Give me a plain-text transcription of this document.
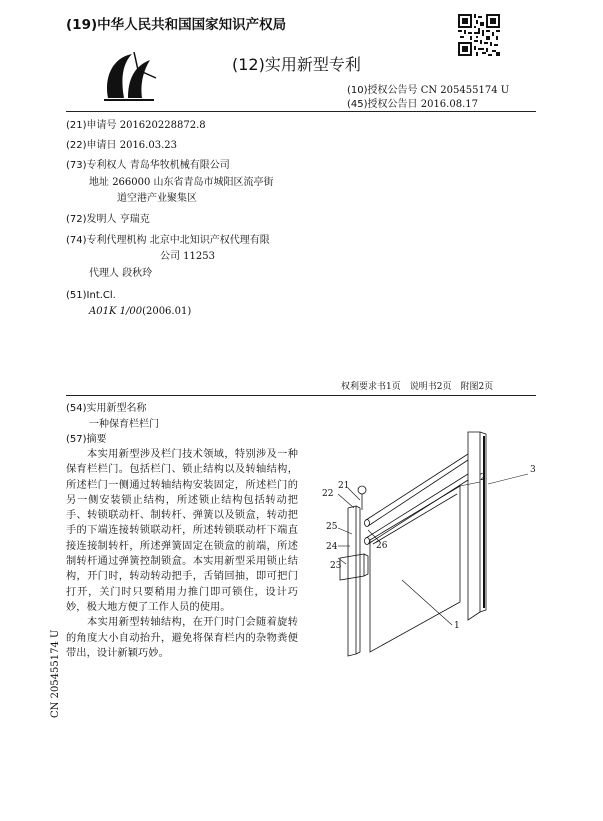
(19)中华人民共和国国家知识产权局
(12)实用新型专利
(10)授权公告号 CN 205455174 U
(45)授权公告日 2016.08.17
(21)申请号 201620228872.8
(22)申请日 2016.03.23
(73)专利权人 青岛华牧机械有限公司
地址 266000 山东省青岛市城阳区流亭街
道空港产业聚集区
(72)发明人 亨瑞克
(74)专利代理机构 北京中北知识产权代理有限
公司 11253
代理人 段秋玲
(51)Int.Cl.
A01K 1/00(2006.01)
权利要求书1页　说明书2页　附图2页
(54)实用新型名称
一种保育栏栏门
(57)摘要

本实用新型涉及栏门技术领域，特别涉及一种保育栏栏门。包括栏门、锁止结构以及转轴结构，所述栏门一侧通过转轴结构安装固定，所述栏门的另一侧安装锁止结构，所述锁止结构包括转动把手、转锁联动杆、制转杆、弹簧以及锁盒，转动把手的下端连接转锁联动杆，所述转锁联动杆下端直接连接制转杆，所述弹簧固定在锁盒的前端，所述制转杆通过弹簧控制锁盒。本实用新型采用锁止结构，开门时，转动转动把手，舌销回抽，即可把门打开，关门时只要稍用力推门即可锁住，设计巧妙，极大地方便了工作人员的使用。

本实用新型转轴结构，在开门时门会随着旋转的角度大小自动抬升，避免将保育栏内的杂物粪便带出，设计新颖巧妙。

CN 205455174 U
1
2
3
21
22
23
24
25
26
